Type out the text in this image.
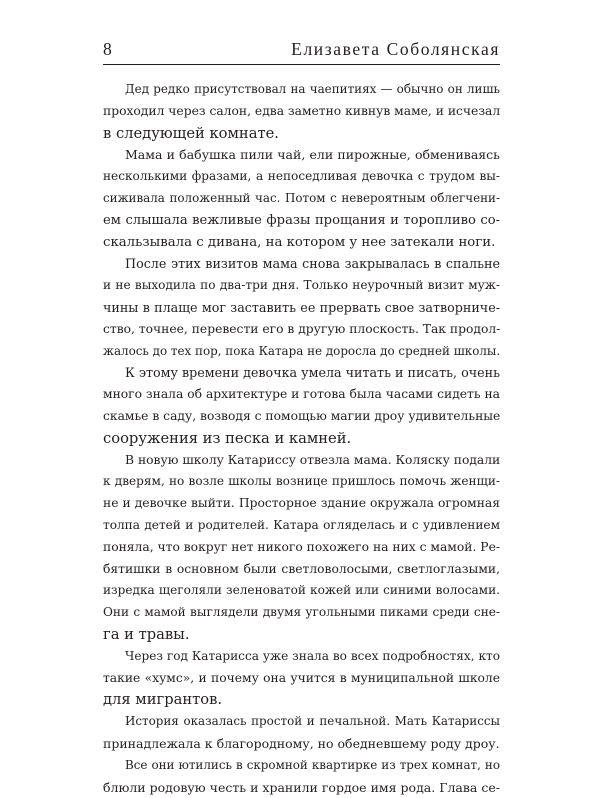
8	Елизавета Соболянская
Дед редко присутствовал на чаепитиях — обычно он лишь
проходил через салон, едва заметно кивнув маме, и исчезал
в следующей комнате.
Мама и бабушка пили чай, ели пирожные, обмениваясь
несколькими фразами, а непоседливая девочка с трудом вы-
сиживала положенный час. Потом с невероятным облегчени-
ем слышала вежливые фразы прощания и торопливо со-
скальзывала с дивана, на котором у нее затекали ноги.
После этих визитов мама снова закрывалась в спальне
и не выходила по два-три дня. Только неурочный визит муж-
чины в плаще мог заставить ее прервать свое затворниче-
ство, точнее, перевести его в другую плоскость. Так продол-
жалось до тех пор, пока Катара не доросла до средней школы.
К этому времени девочка умела читать и писать, очень
много знала об архитектуре и готова была часами сидеть на
скамье в саду, возводя с помощью магии дроу удивительные
сооружения из песка и камней.
В новую школу Катариссу отвезла мама. Коляску подали
к дверям, но возле школы вознице пришлось помочь женщи-
не и девочке выйти. Просторное здание окружала огромная
толпа детей и родителей. Катара огляделась и с удивлением
поняла, что вокруг нет никого похожего на них с мамой. Ре-
бятишки в основном были светловолосыми, светлоглазыми,
изредка щеголяли зеленоватой кожей или синими волосами.
Они с мамой выглядели двумя угольными пиками среди сне-
га и травы.
Через год Катарисса уже знала во всех подробностях, кто
такие «хумс», и почему она учится в муниципальной школе
для мигрантов.
История оказалась простой и печальной. Мать Катариссы
принадлежала к благородному, но обедневшему роду дроу.
Все они ютились в скромной квартирке из трех комнат, но
блюли родовую честь и хранили гордое имя рода. Глава се-
